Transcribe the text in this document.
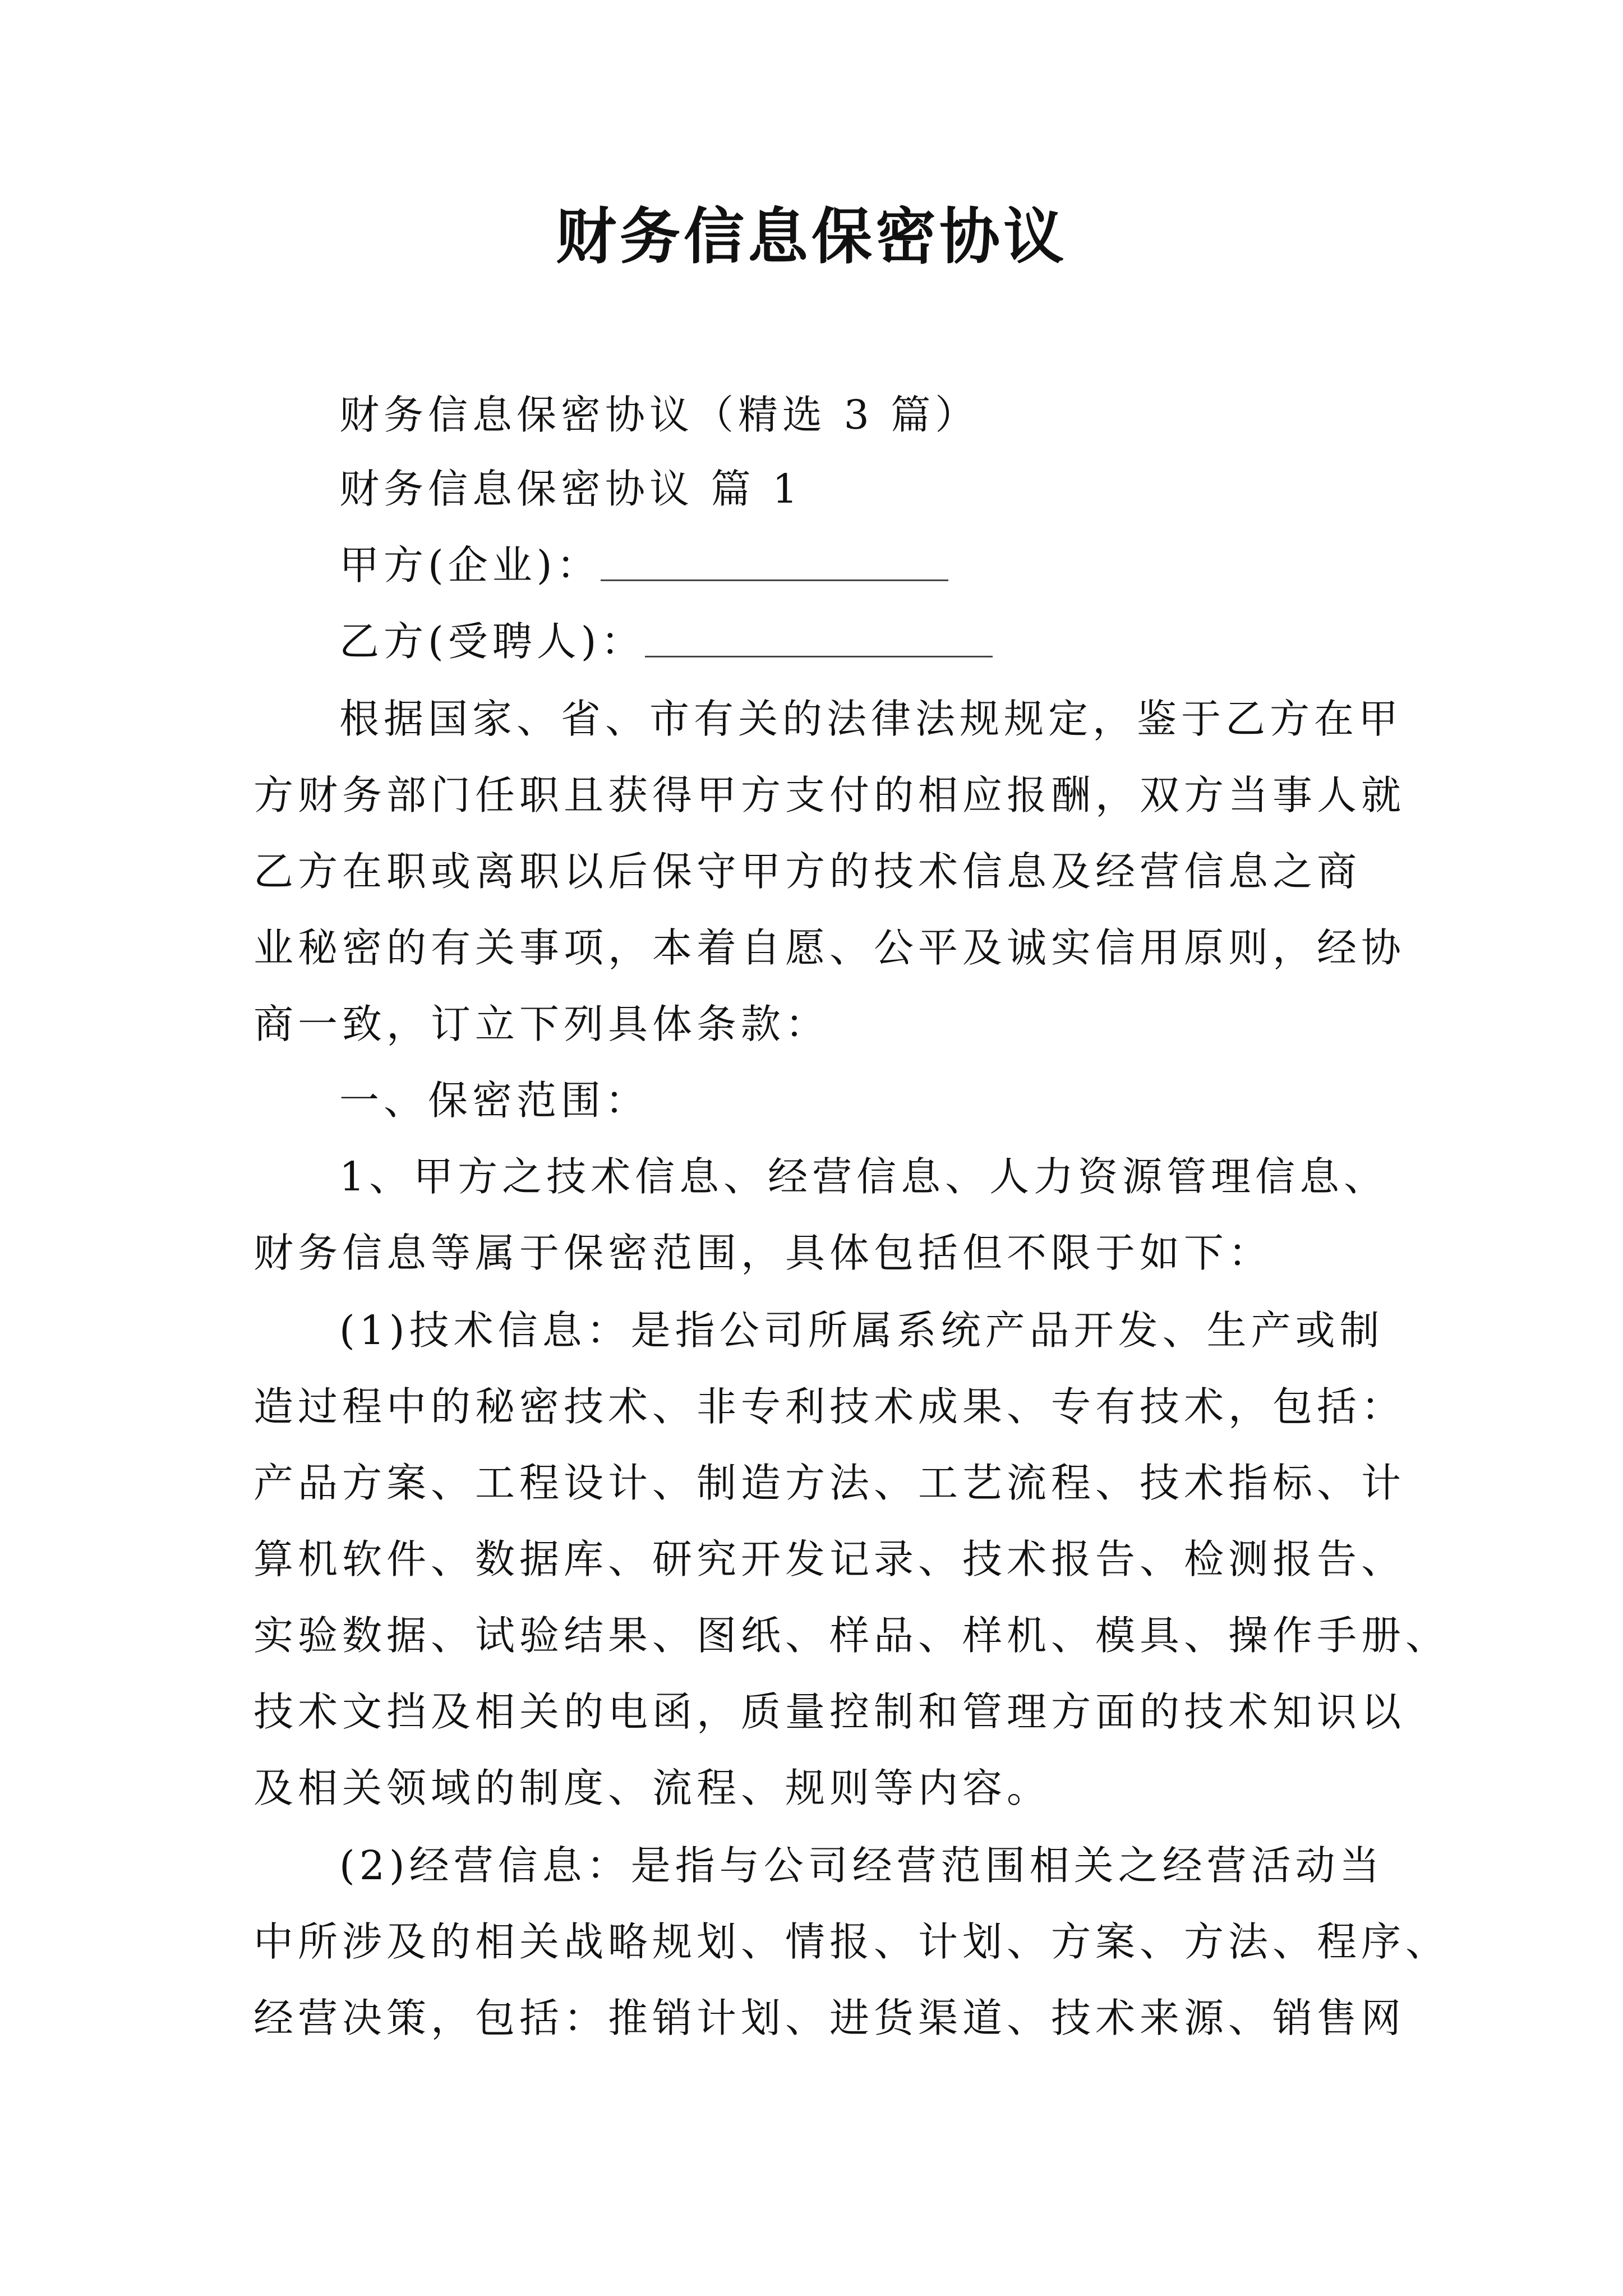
财务信息保密协议
财务信息保密协议（精选 3 篇）
财务信息保密协议 篇 1
甲方(企业)：
乙方(受聘人)：
根据国家、省、市有关的法律法规规定，鉴于乙方在甲
方财务部门任职且获得甲方支付的相应报酬，双方当事人就
乙方在职或离职以后保守甲方的技术信息及经营信息之商
业秘密的有关事项，本着自愿、公平及诚实信用原则，经协
商一致，订立下列具体条款：
一、保密范围：
1、甲方之技术信息、经营信息、人力资源管理信息、
财务信息等属于保密范围，具体包括但不限于如下：
(1)技术信息：是指公司所属系统产品开发、生产或制
造过程中的秘密技术、非专利技术成果、专有技术，包括：
产品方案、工程设计、制造方法、工艺流程、技术指标、计
算机软件、数据库、研究开发记录、技术报告、检测报告、
实验数据、试验结果、图纸、样品、样机、模具、操作手册、
技术文挡及相关的电函，质量控制和管理方面的技术知识以
及相关领域的制度、流程、规则等内容。
(2)经营信息：是指与公司经营范围相关之经营活动当
中所涉及的相关战略规划、情报、计划、方案、方法、程序、
经营决策，包括：推销计划、进货渠道、技术来源、销售网
